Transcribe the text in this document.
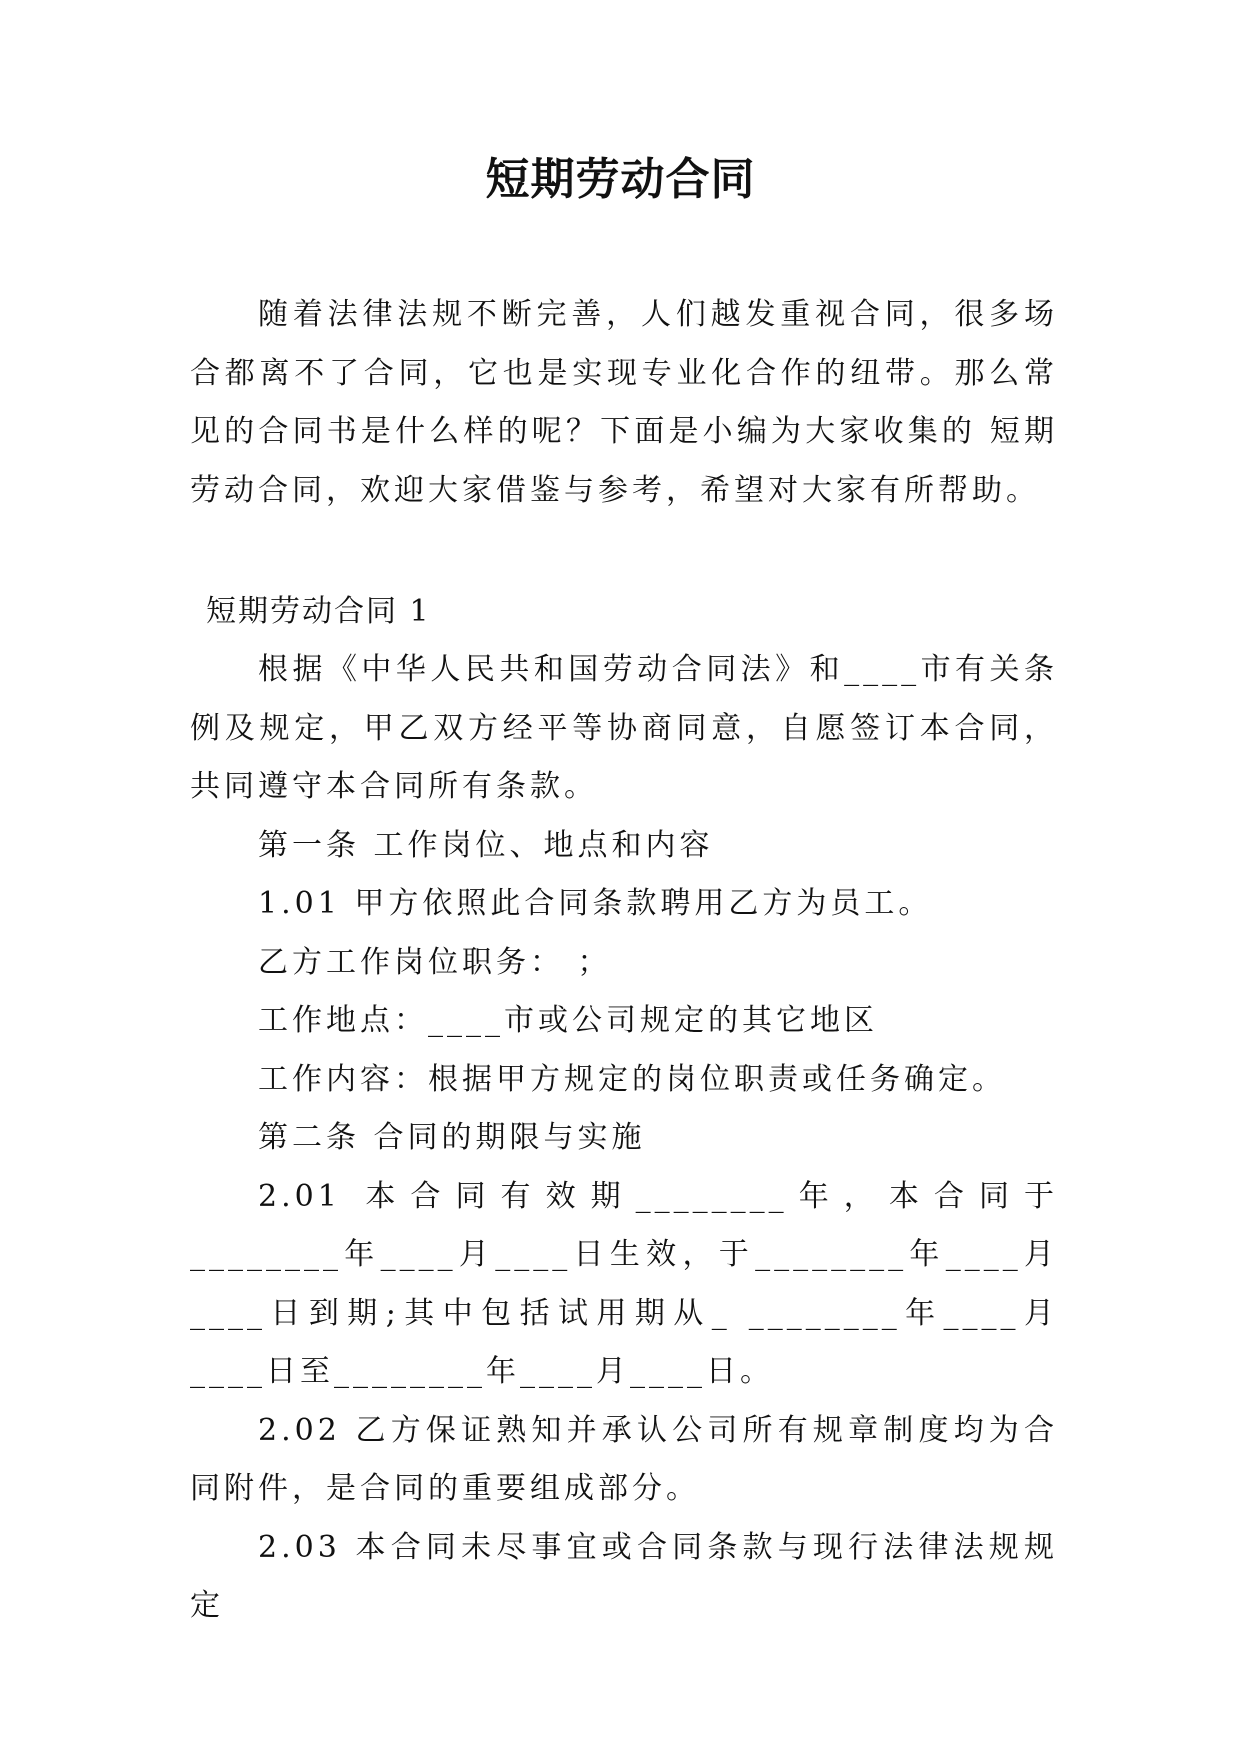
短期劳动合同

随着法律法规不断完善，人们越发重视合同，很多场合都离不了合同，它也是实现专业化合作的纽带。那么常见的合同书是什么样的呢？下面是小编为大家收集的 短期劳动合同，欢迎大家借鉴与参考，希望对大家有所帮助。

短期劳动合同 1

根据《中华人民共和国劳动合同法》和____市有关条例及规定，甲乙双方经平等协商同意，自愿签订本合同，共同遵守本合同所有条款。

第一条 工作岗位、地点和内容

1.01 甲方依照此合同条款聘用乙方为员工。

乙方工作岗位职务： ；

工作地点：____市或公司规定的其它地区

工作内容：根据甲方规定的岗位职责或任务确定。

第二条 合同的期限与实施

2.01 本合同有效期________年，本合同于________年____月____日生效，于________年____月____日到期;其中包括试用期从_ ________年____月____日至________年____月____日。

2.02 乙方保证熟知并承认公司所有规章制度均为合同附件，是合同的重要组成部分。

2.03 本合同未尽事宜或合同条款与现行法律法规规定
